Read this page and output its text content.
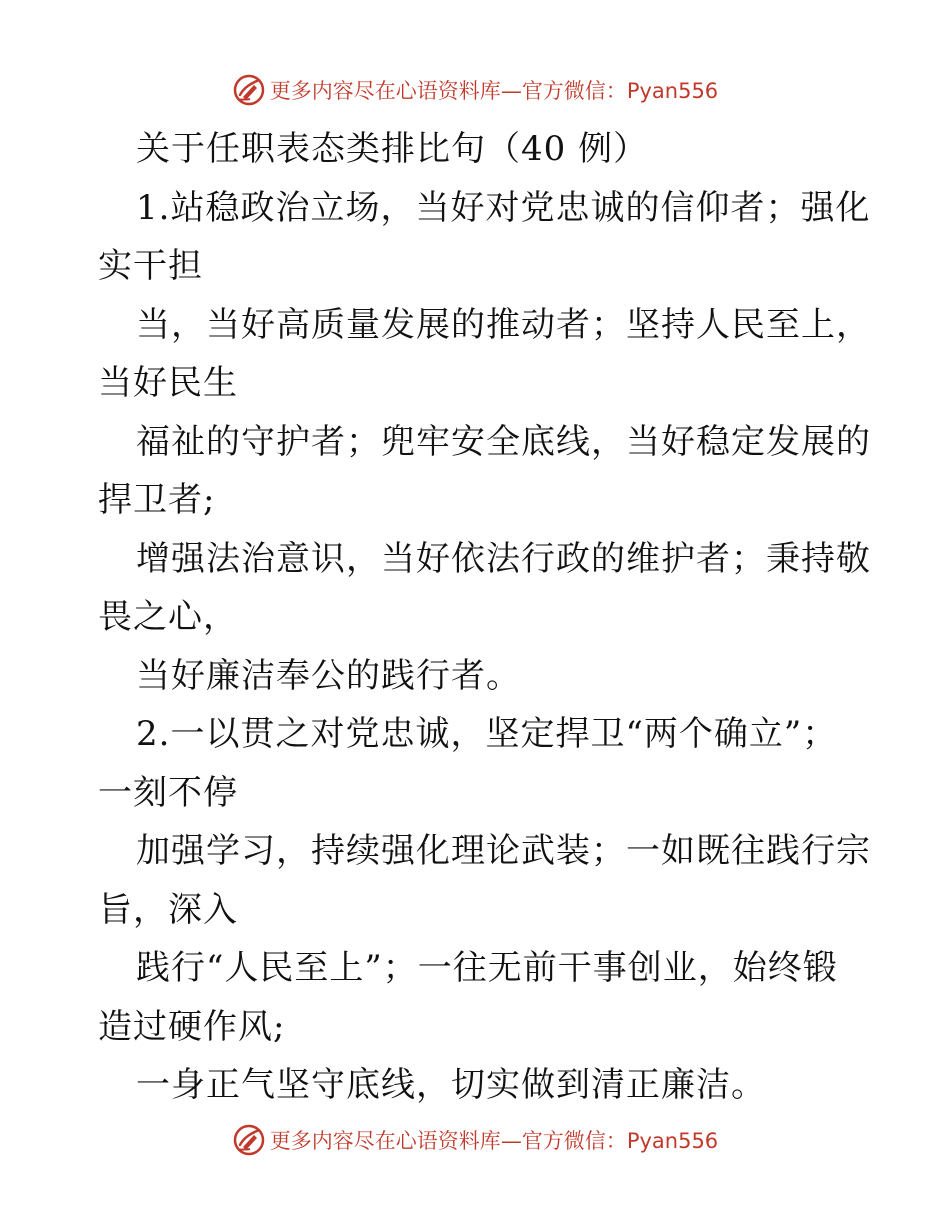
更多内容尽在心语资料库—官方微信：Pyan556
关于任职表态类排比句（40 例）
1.站稳政治立场，当好对党忠诚的信仰者；强化
实干担
当，当好高质量发展的推动者；坚持人民至上，
当好民生
福祉的守护者；兜牢安全底线，当好稳定发展的
捍卫者;
增强法治意识，当好依法行政的维护者；秉持敬
畏之心，
当好廉洁奉公的践行者。
2.一以贯之对党忠诚，坚定捍卫“两个确立”；
一刻不停
加强学习，持续强化理论武装；一如既往践行宗
旨，深入
践行“人民至上”；一往无前干事创业，始终锻
造过硬作风;
一身正气坚守底线，切实做到清正廉洁。
更多内容尽在心语资料库—官方微信：Pyan556
